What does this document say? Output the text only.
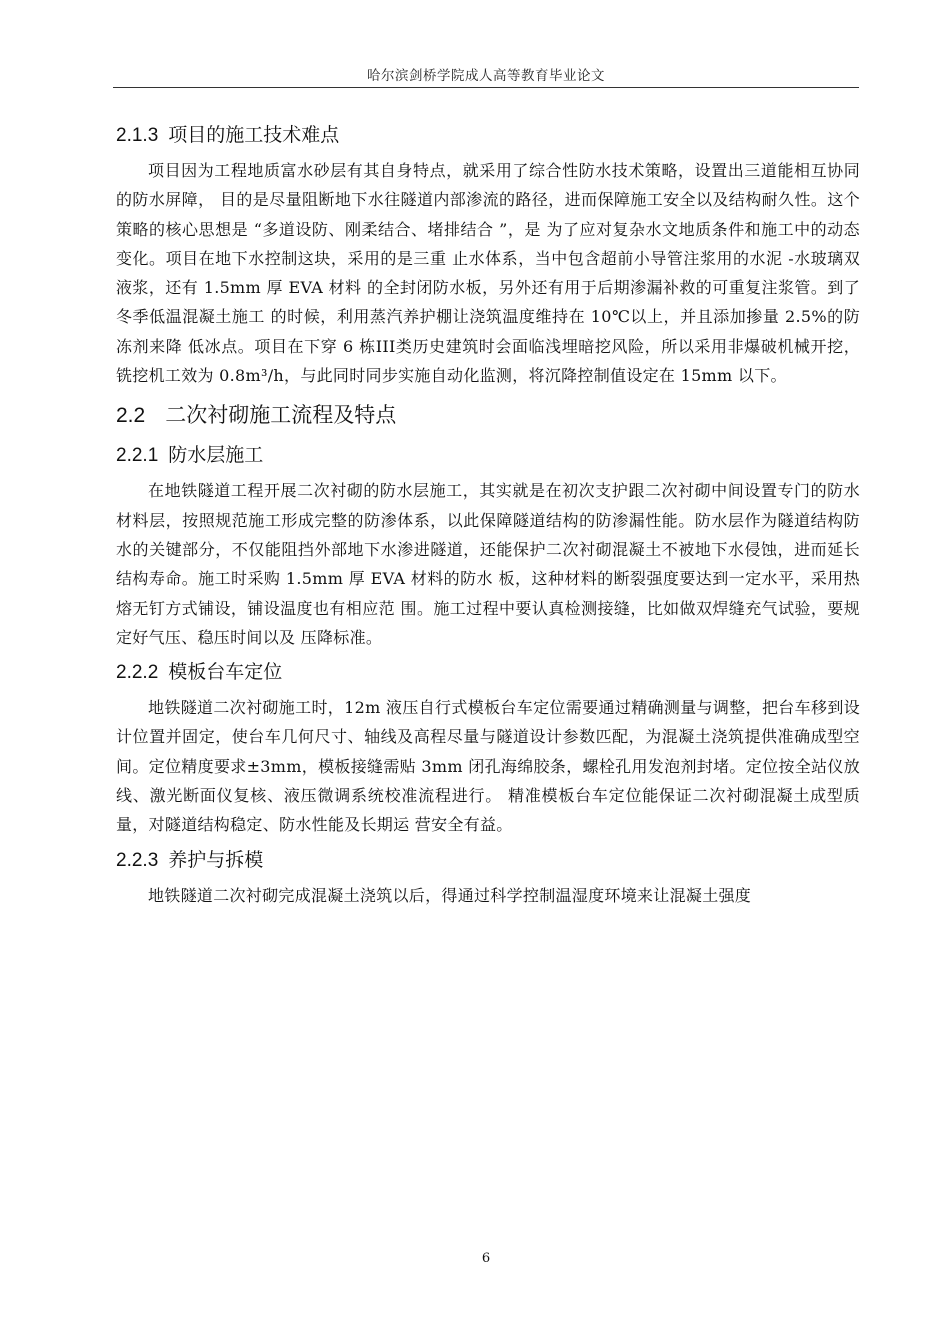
哈尔滨剑桥学院成人高等教育毕业论文
2.1.3 项目的施工技术难点

项目因为工程地质富水砂层有其自身特点，就采用了综合性防水技术策略，设置出三道能相互协同的防水屏障， 目的是尽量阻断地下水往隧道内部渗流的路径，进而保障施工安全以及结构耐久性。这个策略的核心思想是 “多道设防、刚柔结合、堵排结合 ”，是 为了应对复杂水文地质条件和施工中的动态变化。项目在地下水控制这块，采用的是三重 止水体系，当中包含超前小导管注浆用的水泥 -水玻璃双液浆，还有 1.5mm 厚 EVA 材料 的全封闭防水板，另外还有用于后期渗漏补救的可重复注浆管。到了冬季低温混凝土施工 的时候，利用蒸汽养护棚让浇筑温度维持在 10℃以上，并且添加掺量 2.5%的防冻剂来降 低冰点。项目在下穿 6 栋III类历史建筑时会面临浅埋暗挖风险，所以采用非爆破机械开挖， 铣挖机工效为 0.8m³/h，与此同时同步实施自动化监测，将沉降控制值设定在 15mm 以下。

2.2 二次衬砌施工流程及特点
2.2.1 防水层施工

在地铁隧道工程开展二次衬砌的防水层施工，其实就是在初次支护跟二次衬砌中间设置专门的防水材料层，按照规范施工形成完整的防渗体系，以此保障隧道结构的防渗漏性能。防水层作为隧道结构防水的关键部分，不仅能阻挡外部地下水渗进隧道，还能保护二次衬砌混凝土不被地下水侵蚀，进而延长结构寿命。施工时采购 1.5mm 厚 EVA 材料的防水 板，这种材料的断裂强度要达到一定水平，采用热熔无钉方式铺设，铺设温度也有相应范 围。施工过程中要认真检测接缝，比如做双焊缝充气试验，要规定好气压、稳压时间以及 压降标准。

2.2.2 模板台车定位

地铁隧道二次衬砌施工时，12m 液压自行式模板台车定位需要通过精确测量与调整，把台车移到设计位置并固定，使台车几何尺寸、轴线及高程尽量与隧道设计参数匹配，为混凝土浇筑提供准确成型空间。定位精度要求±3mm，模板接缝需贴 3mm 闭孔海绵胶条，螺栓孔用发泡剂封堵。定位按全站仪放线、激光断面仪复核、液压微调系统校准流程进行。 精准模板台车定位能保证二次衬砌混凝土成型质量，对隧道结构稳定、防水性能及长期运 营安全有益。

2.2.3 养护与拆模

地铁隧道二次衬砌完成混凝土浇筑以后，得通过科学控制温湿度环境来让混凝土强度

6
